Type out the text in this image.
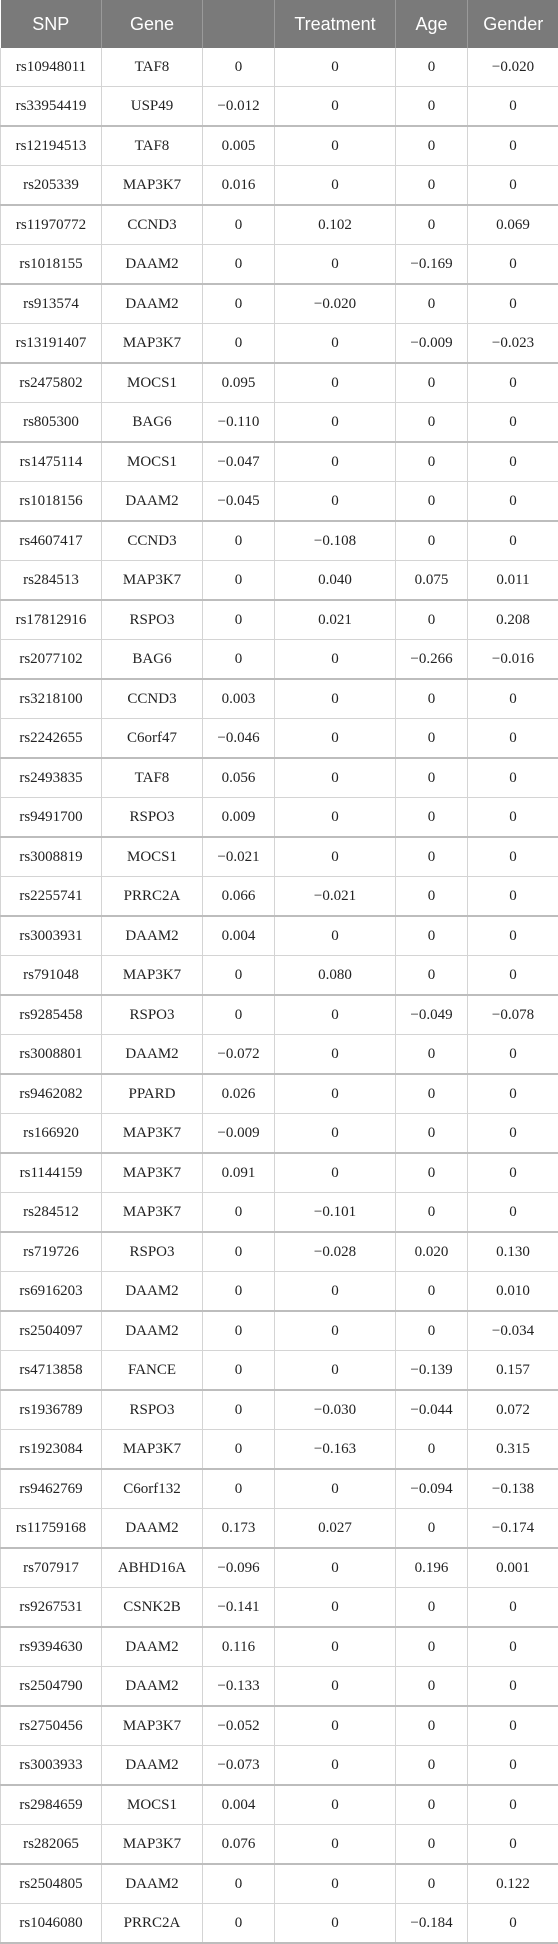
SNP	Gene		Treatment	Age	Gender
rs10948011	TAF8	0	0	0	−0.020
rs33954419	USP49	−0.012	0	0	0
rs12194513	TAF8	0.005	0	0	0
rs205339	MAP3K7	0.016	0	0	0
rs11970772	CCND3	0	0.102	0	0.069
rs1018155	DAAM2	0	0	−0.169	0
rs913574	DAAM2	0	−0.020	0	0
rs13191407	MAP3K7	0	0	−0.009	−0.023
rs2475802	MOCS1	0.095	0	0	0
rs805300	BAG6	−0.110	0	0	0
rs1475114	MOCS1	−0.047	0	0	0
rs1018156	DAAM2	−0.045	0	0	0
rs4607417	CCND3	0	−0.108	0	0
rs284513	MAP3K7	0	0.040	0.075	0.011
rs17812916	RSPO3	0	0.021	0	0.208
rs2077102	BAG6	0	0	−0.266	−0.016
rs3218100	CCND3	0.003	0	0	0
rs2242655	C6orf47	−0.046	0	0	0
rs2493835	TAF8	0.056	0	0	0
rs9491700	RSPO3	0.009	0	0	0
rs3008819	MOCS1	−0.021	0	0	0
rs2255741	PRRC2A	0.066	−0.021	0	0
rs3003931	DAAM2	0.004	0	0	0
rs791048	MAP3K7	0	0.080	0	0
rs9285458	RSPO3	0	0	−0.049	−0.078
rs3008801	DAAM2	−0.072	0	0	0
rs9462082	PPARD	0.026	0	0	0
rs166920	MAP3K7	−0.009	0	0	0
rs1144159	MAP3K7	0.091	0	0	0
rs284512	MAP3K7	0	−0.101	0	0
rs719726	RSPO3	0	−0.028	0.020	0.130
rs6916203	DAAM2	0	0	0	0.010
rs2504097	DAAM2	0	0	0	−0.034
rs4713858	FANCE	0	0	−0.139	0.157
rs1936789	RSPO3	0	−0.030	−0.044	0.072
rs1923084	MAP3K7	0	−0.163	0	0.315
rs9462769	C6orf132	0	0	−0.094	−0.138
rs11759168	DAAM2	0.173	0.027	0	−0.174
rs707917	ABHD16A	−0.096	0	0.196	0.001
rs9267531	CSNK2B	−0.141	0	0	0
rs9394630	DAAM2	0.116	0	0	0
rs2504790	DAAM2	−0.133	0	0	0
rs2750456	MAP3K7	−0.052	0	0	0
rs3003933	DAAM2	−0.073	0	0	0
rs2984659	MOCS1	0.004	0	0	0
rs282065	MAP3K7	0.076	0	0	0
rs2504805	DAAM2	0	0	0	0.122
rs1046080	PRRC2A	0	0	−0.184	0
